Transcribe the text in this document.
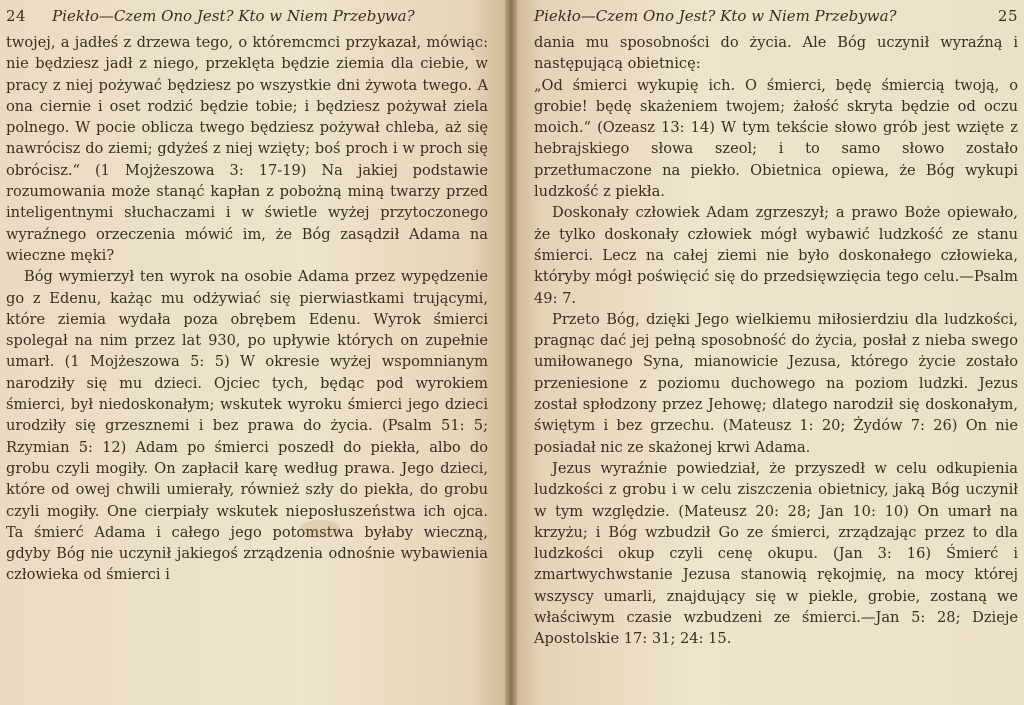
24 Piekło—Czem Ono Jest? Kto w Niem Przebywa?

twojej, a jadłeś z drzewa tego, o któremcmci przykazał, mówiąc: nie będziesz jadł z niego, przeklęta będzie ziemia dla ciebie, w pracy z niej pożywać będziesz po wszystkie dni żywota twego. A ona ciernie i oset rodzić będzie tobie; i będziesz pożywał ziela polnego. W pocie oblicza twego będziesz pożywał chleba, aż się nawrócisz do ziemi; gdyżeś z niej wzięty; boś proch i w proch się obrócisz.“ (1 Mojżeszowa 3: 17-19) Na jakiej podstawie rozumowania może stanąć kapłan z pobożną miną twarzy przed inteligentnymi słuchaczami i w świetle wyżej przytoczonego wyraźnego orzeczenia mówić im, że Bóg zasądził Adama na wieczne męki?

Bóg wymierzył ten wyrok na osobie Adama przez wypędzenie go z Edenu, każąc mu odżywiać się pierwiastkami trującymi, które ziemia wydała poza obrębem Edenu. Wyrok śmierci spolegał na nim przez lat 930, po upływie których on zupełnie umarł. (1 Mojżeszowa 5: 5) W okresie wyżej wspomnianym narodziły się mu dzieci. Ojciec tych, będąc pod wyrokiem śmierci, był niedoskonałym; wskutek wyroku śmierci jego dzieci urodziły się grzesznemi i bez prawa do życia. (Psalm 51: 5; Rzymian 5: 12) Adam po śmierci poszedł do piekła, albo do grobu czyli mogiły. On zapłacił karę według prawa. Jego dzieci, które od owej chwili umierały, również szły do piekła, do grobu czyli mogiły. One cierpiały wskutek nieposłuszeństwa ich ojca. Ta śmierć Adama i całego jego potomstwa byłaby wieczną, gdyby Bóg nie uczynił jakiegoś zrządzenia odnośnie wybawienia człowieka od śmierci i

Piekło—Czem Ono Jest? Kto w Niem Przebywa?	25

dania mu sposobności do życia. Ale Bóg uczynił wyraźną i następującą obietnicę:

„Od śmierci wykupię ich. O śmierci, będę śmiercią twoją, o grobie! będę skażeniem twojem; żałość skryta będzie od oczu moich.“ (Ozeasz 13: 14) W tym tekście słowo grób jest wzięte z hebrajskiego słowa szeol; i to samo słowo zostało przetłumaczone na piekło. Obietnica opiewa, że Bóg wykupi ludzkość z piekła.

Doskonały człowiek Adam zgrzeszył; a prawo Boże opiewało, że tylko doskonały człowiek mógł wybawić ludzkość ze stanu śmierci. Lecz na całej ziemi nie było doskonałego człowieka, któryby mógł poświęcić się do przedsięwzięcia tego celu.—Psalm 49: 7.

Przeto Bóg, dzięki Jego wielkiemu miłosierdziu dla ludzkości, pragnąc dać jej pełną sposobność do życia, posłał z nieba swego umiłowanego Syna, mianowicie Jezusa, którego życie zostało przeniesione z poziomu duchowego na poziom ludzki. Jezus został spłodzony przez Jehowę; dlatego narodził się doskonałym, świętym i bez grzechu. (Mateusz 1: 20; Żydów 7: 26) On nie posiadał nic ze skażonej krwi Adama.

Jezus wyraźnie powiedział, że przyszedł w celu odkupienia ludzkości z grobu i w celu ziszczenia obietnicy, jaką Bóg uczynił w tym względzie. (Mateusz 20: 28; Jan 10: 10) On umarł na krzyżu; i Bóg wzbudził Go ze śmierci, zrządzając przez to dla ludzkości okup czyli cenę okupu. (Jan 3: 16) Śmierć i zmartwychwstanie Jezusa stanowią rękojmię, na mocy której wszyscy umarli, znajdujący się w piekle, grobie, zostaną we właściwym czasie wzbudzeni ze śmierci.—Jan 5: 28; Dzieje Apostolskie 17: 31; 24: 15.
